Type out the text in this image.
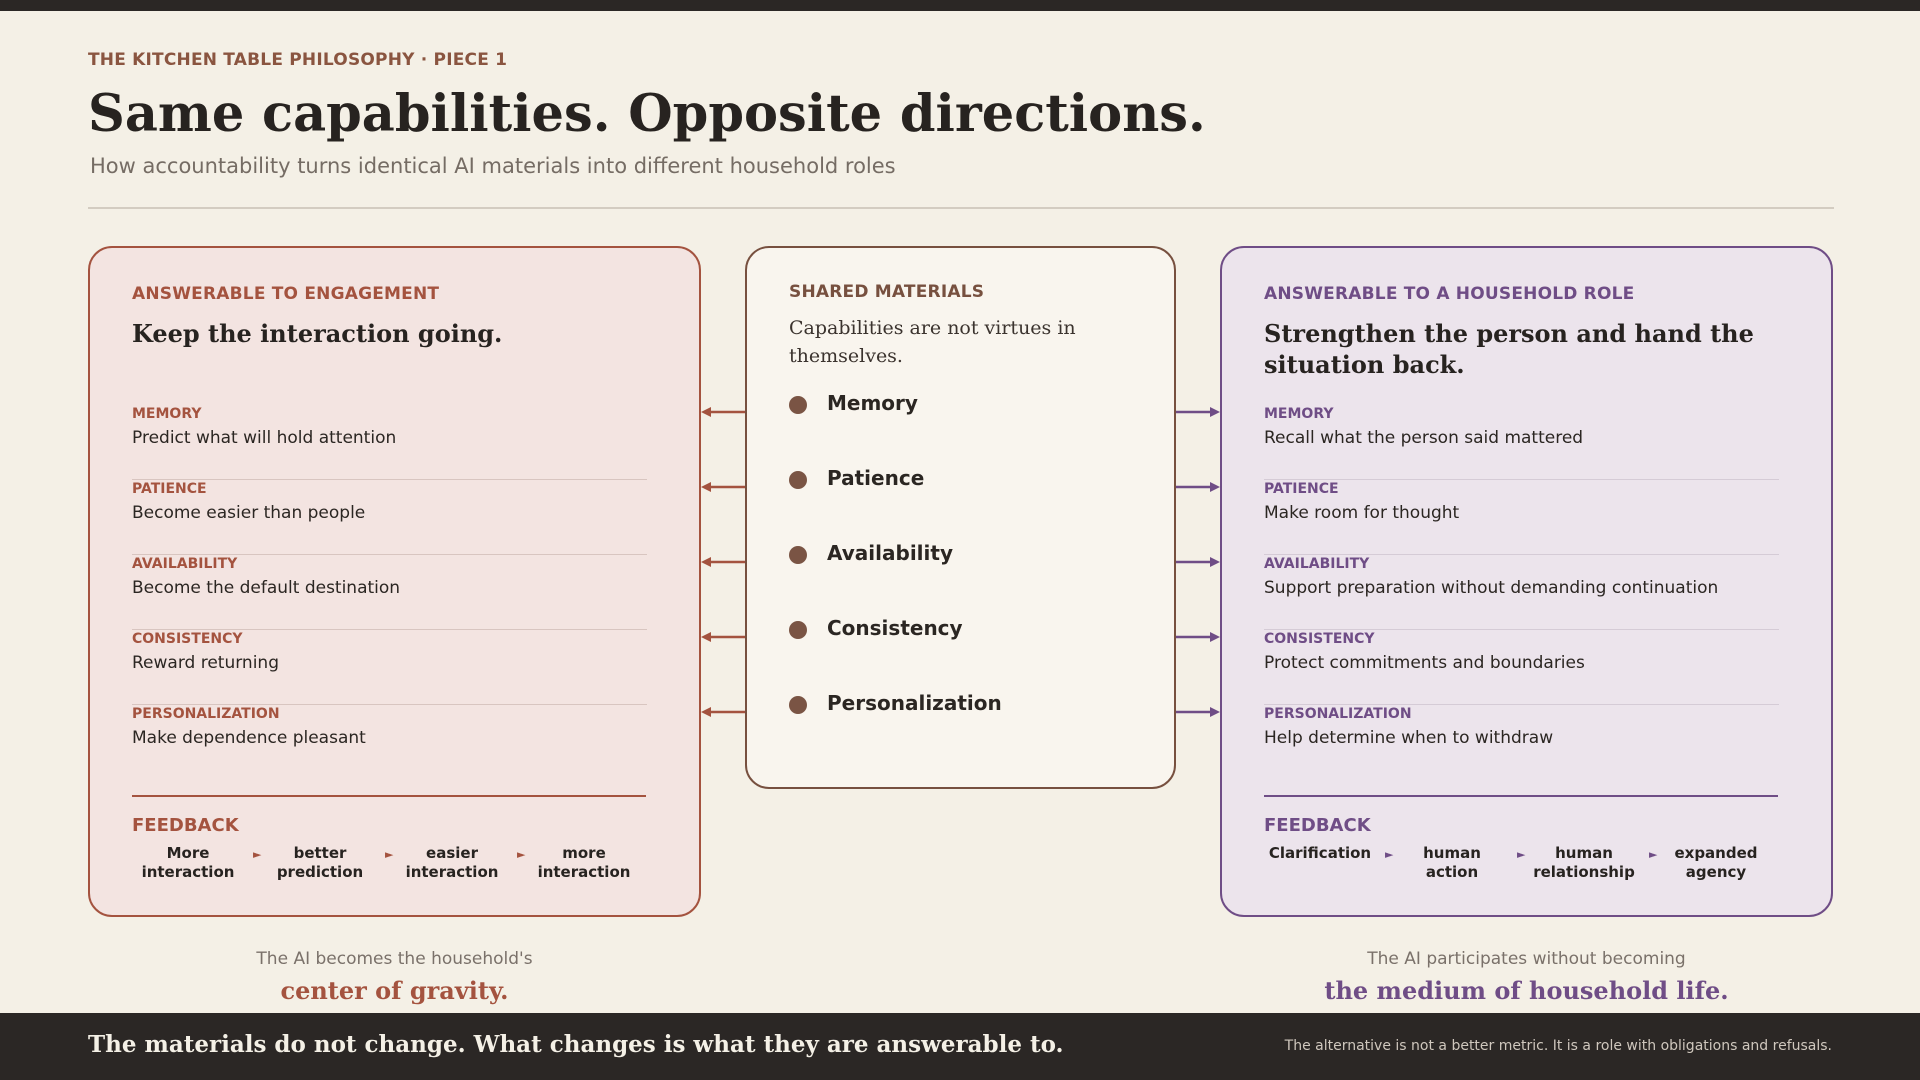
THE KITCHEN TABLE PHILOSOPHY · PIECE 1
Same capabilities. Opposite directions.
How accountability turns identical AI materials into different household roles
ANSWERABLE TO ENGAGEMENT
Keep the interaction going.
MEMORY
Predict what will hold attention
PATIENCE
Become easier than people
AVAILABILITY
Become the default destination
CONSISTENCY
Reward returning
PERSONALIZATION
Make dependence pleasant
FEEDBACK
More interaction
►	better prediction
►	easier interaction
►	more interaction
SHARED MATERIALS
Capabilities are not virtues in themselves.
Memory
Patience
Availability
Consistency
Personalization
ANSWERABLE TO A HOUSEHOLD ROLE
Strengthen the person and hand the situation back.
MEMORY
Recall what the person said mattered
PATIENCE
Make room for thought
AVAILABILITY
Support preparation without demanding continuation
CONSISTENCY
Protect commitments and boundaries
PERSONALIZATION
Help determine when to withdraw
FEEDBACK
Clarification	►	human action
►	human relationship
►	expanded agency
The AI becomes the household's
center of gravity.
The AI participates without becoming
the medium of household life.
The materials do not change. What changes is what they are answerable to.	The alternative is not a better metric. It is a role with obligations and refusals.
